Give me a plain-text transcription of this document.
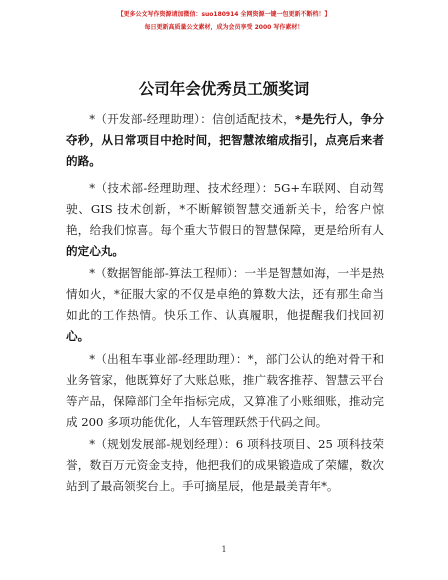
【更多公文写作资源请加微信：suo180914 全网资源一键一包更新不断档！】
每日更新高质量公文素材，成为会员享受 2000 写作素材！
公司年会优秀员工颁奖词

*（开发部-经理助理）：信创适配技术，*是先行人，争分夺秒，从日常项目中抢时间，把智慧浓缩成指引，点亮后来者的路。

*（技术部-经理助理、技术经理）：5G+车联网、自动驾驶、GIS 技术创新，*不断解锁智慧交通新关卡，给客户惊艳，给我们惊喜。每个重大节假日的智慧保障，更是给所有人的定心丸。

*（数据智能部-算法工程师）：一半是智慧如海，一半是热情如火，*征服大家的不仅是卓绝的算数大法，还有那生命当如此的工作热情。快乐工作、认真履职，他提醒我们找回初心。

*（出租车事业部-经理助理）：*，部门公认的绝对骨干和业务管家，他既算好了大账总账，推广载客推荐、智慧云平台等产品，保障部门全年指标完成，又算准了小账细账，推动完成 200 多项功能优化，人车管理跃然于代码之间。

*（规划发展部-规划经理）：6 项科技项目、25 项科技荣誉，数百万元资金支持，他把我们的成果锻造成了荣耀，数次站到了最高领奖台上。手可摘星辰，他是最美青年*。

1
